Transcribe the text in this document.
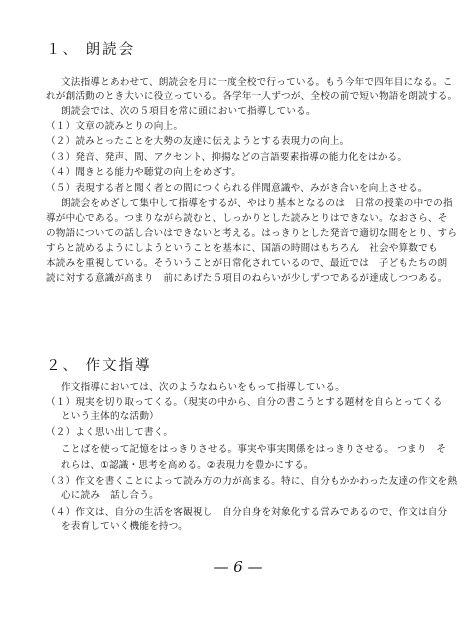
１、 朗読会

文法指導とあわせて、朗読会を月に一度全校で行っている。もう今年で四年目になる。こ

れが創活動のとき大いに役立っている。各学年一人ずつが、全校の前で短い物語を朗読する。

朗読会では、次の５項目を常に頭において指導している。

（１）文章の読みとりの向上。

（２）読みとったことを大勢の友達に伝えようとする表現力の向上。

（３）発音、発声、間、アクセント、抑揚などの言語要素指導の能力化をはかる。

（４）聞きとる能力や聴覚の向上をめざす。

（５）表現する者と聞く者との間につくられる伴聞意識や、みがき合いを向上させる。

朗読会をめざして集中して指導をするが、やはり基本となるのは　日常の授業の中での指

導が中心である。つまりながら読むと、しっかりとした読みとりはできない。なおさら、そ

の物語についての話し合いはできないと考える。はっきりとした発音で適切な間をとり、すら

すらと読めるようにしようということを基本に、国語の時間はもちろん　社会や算数でも

本読みを重視している。そういうことが日常化されているので、最近では　子どもたちの朗

読に対する意識が高まり　前にあげた５項目のねらいが少しずつであるが達成しつつある。

２、 作文指導

作文指導においては、次のようなねらいをもって指導している。

（１）現実を切り取ってくる。（現実の中から、自分の書こうとする題材を自らとってくる

という主体的な活動）

（２）よく思い出して書く。

ことばを使って記憶をはっきりさせる。事実や事実関係をはっきりさせる。 つまり　そ

れらは、①認識・思考を高める。②表現力を豊かにする。

（３）作文を書くことによって読み方の力が高まる。特に、自分もかかわった友達の作文を熱

心に読み　話し合う。

（４）作文は、自分の生活を客観視し　自分自身を対象化する営みであるので、作文は自分

を表育していく機能を持つ。

— 6 —
